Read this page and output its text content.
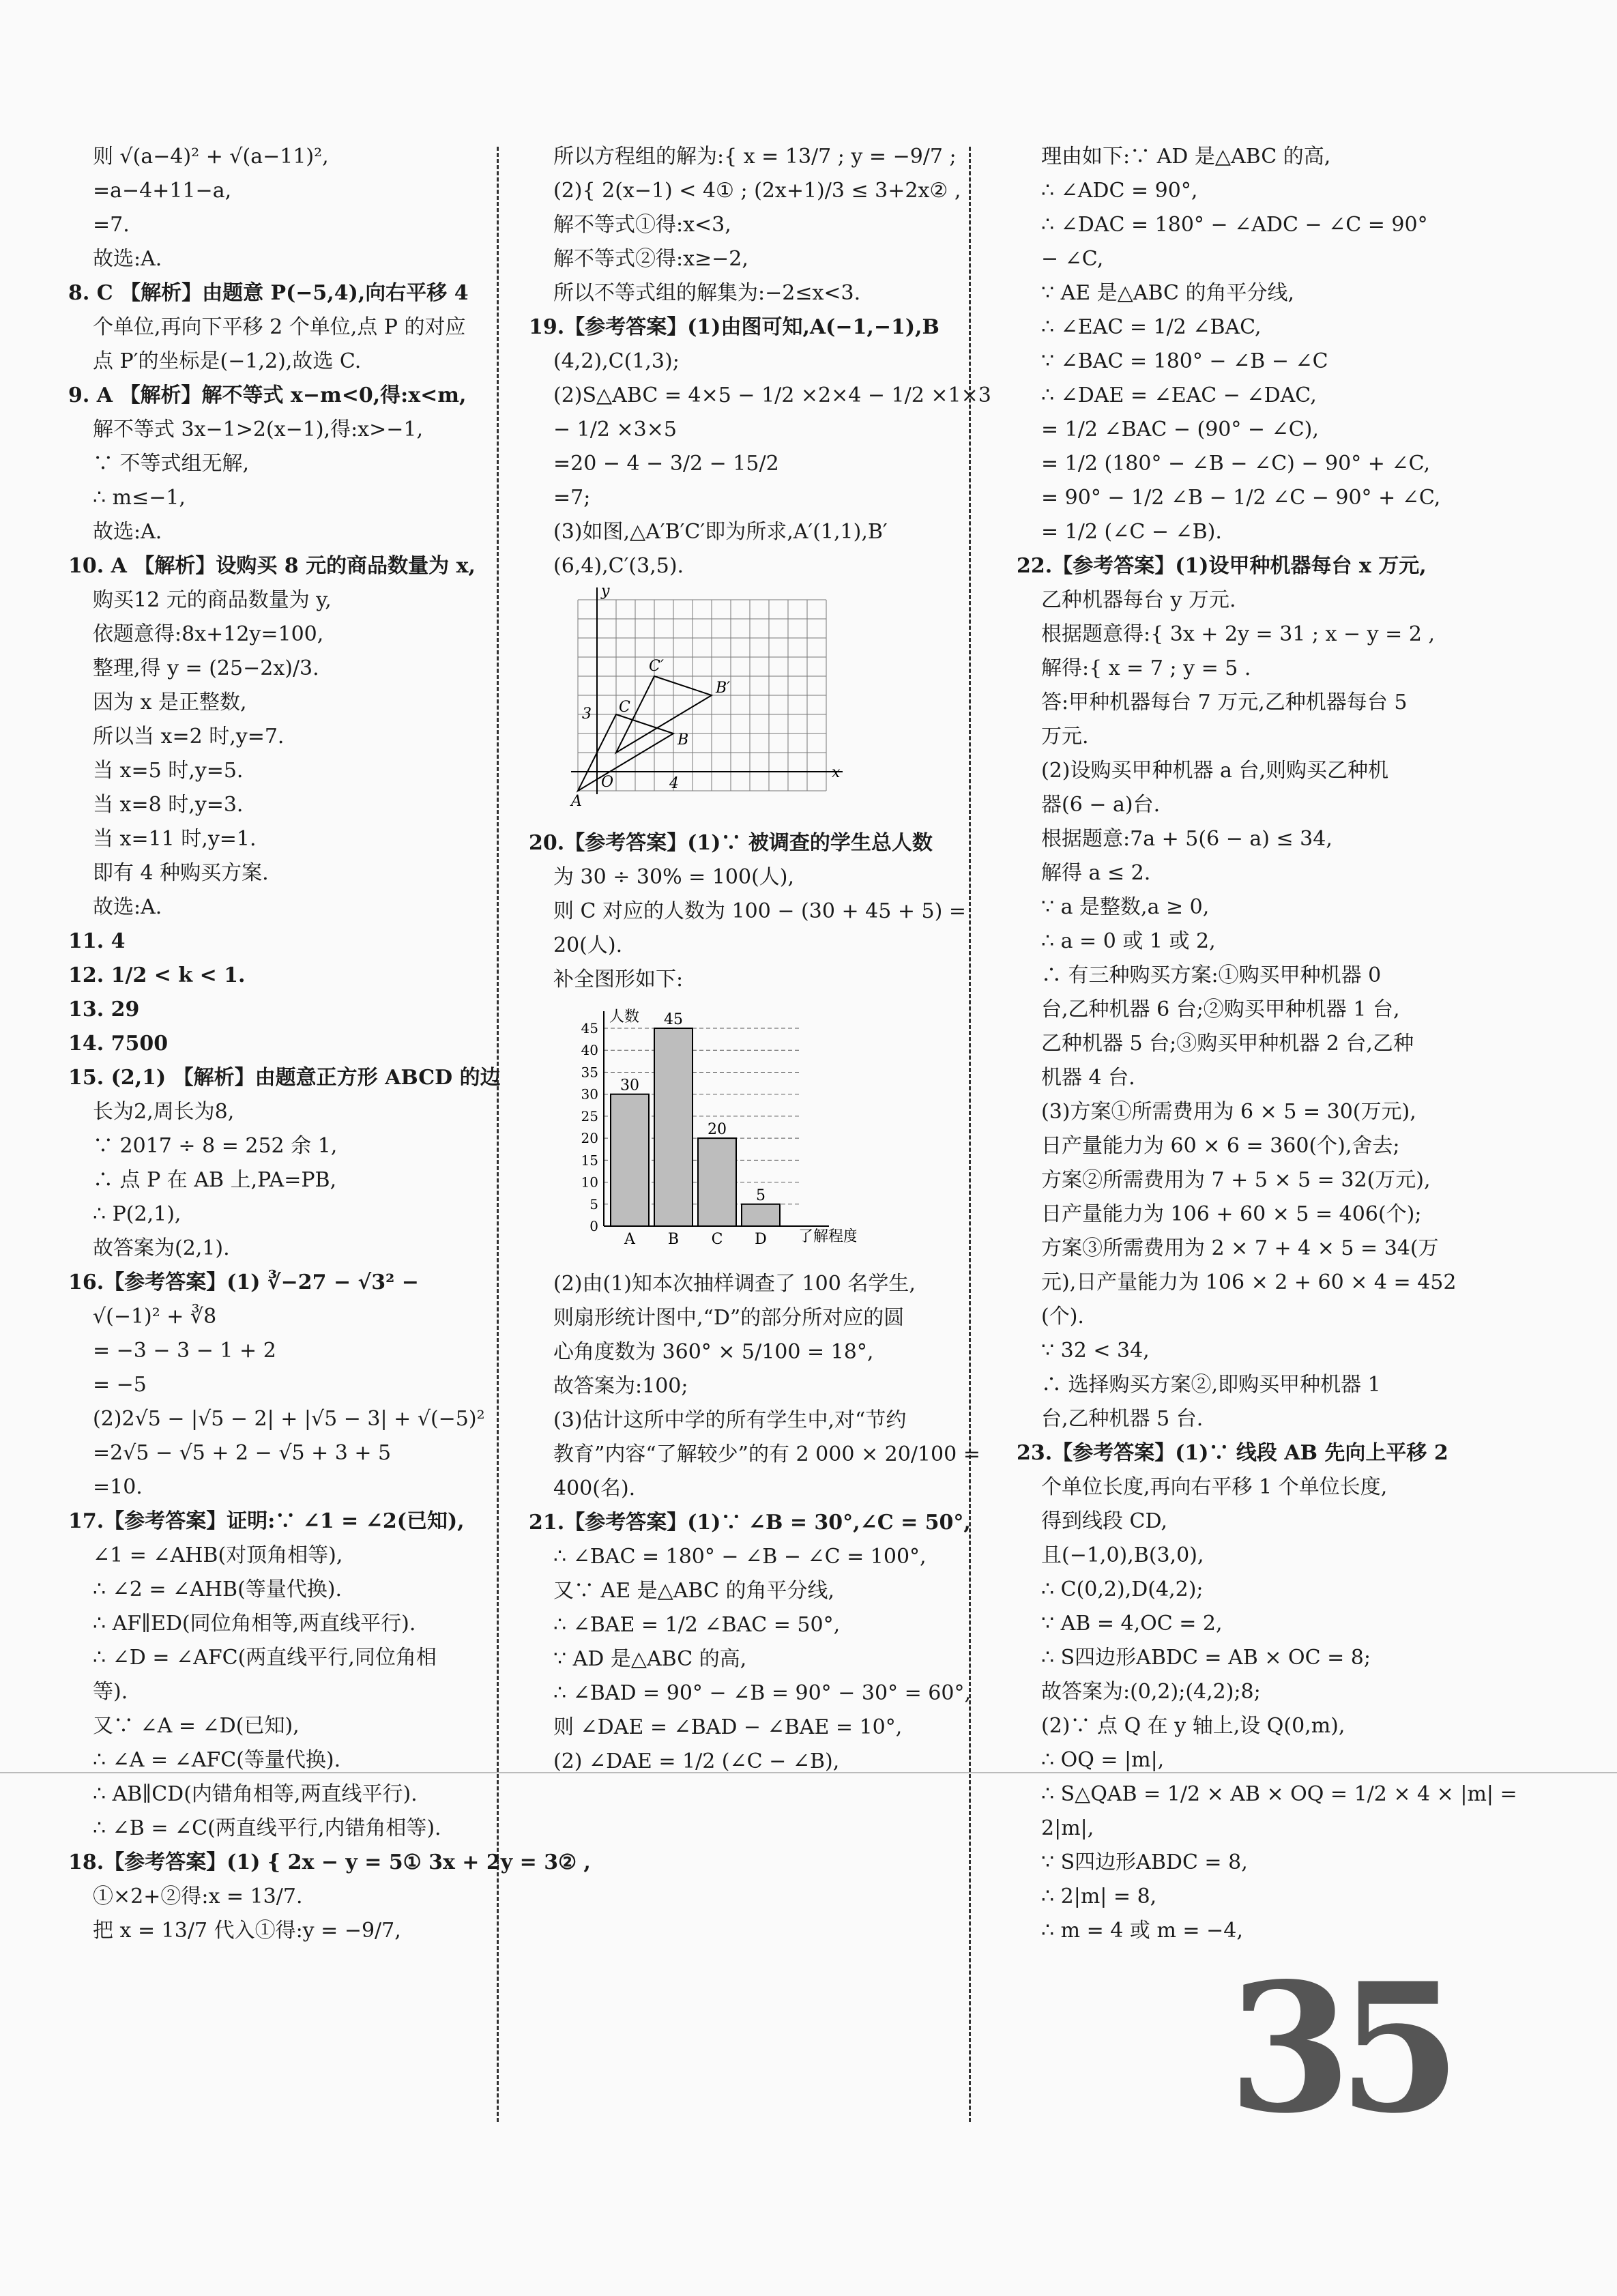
则 √(a−4)² + √(a−11)²,
=a−4+11−a,
=7.
故选:A.
8. C 【解析】由题意 P(−5,4),向右平移 4
个单位,再向下平移 2 个单位,点 P 的对应
点 P′的坐标是(−1,2),故选 C.
9. A 【解析】解不等式 x−m<0,得:x<m,
解不等式 3x−1>2(x−1),得:x>−1,
∵ 不等式组无解,
∴ m≤−1,
故选:A.
10. A 【解析】设购买 8 元的商品数量为 x,
购买12 元的商品数量为 y,
依题意得:8x+12y=100,
整理,得 y = (25−2x)/3.
因为 x 是正整数,
所以当 x=2 时,y=7.
当 x=5 时,y=5.
当 x=8 时,y=3.
当 x=11 时,y=1.
即有 4 种购买方案.
故选:A.
11. 4
12. 1/2 < k < 1.
13. 29
14. 7500
15. (2,1) 【解析】由题意正方形 ABCD 的边
长为2,周长为8,
∵ 2017 ÷ 8 = 252 余 1,
∴ 点 P 在 AB 上,PA=PB,
∴ P(2,1),
故答案为(2,1).
16.【参考答案】(1) ∛−27 − √3² −
√(−1)² + ∛8
= −3 − 3 − 1 + 2
= −5
(2)2√5 − |√5 − 2| + |√5 − 3| + √(−5)²
=2√5 − √5 + 2 − √5 + 3 + 5
=10.
17.【参考答案】证明:∵ ∠1 = ∠2(已知),
∠1 = ∠AHB(对顶角相等),
∴ ∠2 = ∠AHB(等量代换).
∴ AF∥ED(同位角相等,两直线平行).
∴ ∠D = ∠AFC(两直线平行,同位角相
等).
又∵ ∠A = ∠D(已知),
∴ ∠A = ∠AFC(等量代换).
∴ AB∥CD(内错角相等,两直线平行).
∴ ∠B = ∠C(两直线平行,内错角相等).
18.【参考答案】(1) { 2x − y = 5① 3x + 2y = 3② ,
①×2+②得:x = 13/7.
把 x = 13/7 代入①得:y = −9/7,
所以方程组的解为:{ x = 13/7 ; y = −9/7 ;
(2){ 2(x−1) < 4① ; (2x+1)/3 ≤ 3+2x② ,
解不等式①得:x<3,
解不等式②得:x≥−2,
所以不等式组的解集为:−2≤x<3.
19.【参考答案】(1)由图可知,A(−1,−1),B
(4,2),C(1,3);
(2)S△ABC = 4×5 − 1/2 ×2×4 − 1/2 ×1×3
− 1/2 ×3×5
=20 − 4 − 3/2 − 15/2
=7;
(3)如图,△A′B′C′即为所求,A′(1,1),B′
(6,4),C′(3,5).
y
x
C′
B′
C
B
A
O
3
4
20.【参考答案】(1)∵ 被调查的学生总人数
为 30 ÷ 30% = 100(人),
则 C 对应的人数为 100 − (30 + 45 + 5) =
20(人).
补全图形如下:
0
5
10
15
20
25
30
35
40
45
人数
了解程度
30
A
45
B
20
C
5
D
(2)由(1)知本次抽样调查了 100 名学生,
则扇形统计图中,“D”的部分所对应的圆
心角度数为 360° × 5/100 = 18°,
故答案为:100;
(3)估计这所中学的所有学生中,对“节约
教育”内容“了解较少”的有 2 000 × 20/100 =
400(名).
21.【参考答案】(1)∵ ∠B = 30°,∠C = 50°,
∴ ∠BAC = 180° − ∠B − ∠C = 100°,
又∵ AE 是△ABC 的角平分线,
∴ ∠BAE = 1/2 ∠BAC = 50°,
∵ AD 是△ABC 的高,
∴ ∠BAD = 90° − ∠B = 90° − 30° = 60°,
则 ∠DAE = ∠BAD − ∠BAE = 10°,
(2) ∠DAE = 1/2 (∠C − ∠B),
理由如下:∵ AD 是△ABC 的高,
∴ ∠ADC = 90°,
∴ ∠DAC = 180° − ∠ADC − ∠C = 90°
− ∠C,
∵ AE 是△ABC 的角平分线,
∴ ∠EAC = 1/2 ∠BAC,
∵ ∠BAC = 180° − ∠B − ∠C
∴ ∠DAE = ∠EAC − ∠DAC,
= 1/2 ∠BAC − (90° − ∠C),
= 1/2 (180° − ∠B − ∠C) − 90° + ∠C,
= 90° − 1/2 ∠B − 1/2 ∠C − 90° + ∠C,
= 1/2 (∠C − ∠B).
22.【参考答案】(1)设甲种机器每台 x 万元,
乙种机器每台 y 万元.
根据题意得:{ 3x + 2y = 31 ; x − y = 2 ,
解得:{ x = 7 ; y = 5 .
答:甲种机器每台 7 万元,乙种机器每台 5
万元.
(2)设购买甲种机器 a 台,则购买乙种机
器(6 − a)台.
根据题意:7a + 5(6 − a) ≤ 34,
解得 a ≤ 2.
∵ a 是整数,a ≥ 0,
∴ a = 0 或 1 或 2,
∴ 有三种购买方案:①购买甲种机器 0
台,乙种机器 6 台;②购买甲种机器 1 台,
乙种机器 5 台;③购买甲种机器 2 台,乙种
机器 4 台.
(3)方案①所需费用为 6 × 5 = 30(万元),
日产量能力为 60 × 6 = 360(个),舍去;
方案②所需费用为 7 + 5 × 5 = 32(万元),
日产量能力为 106 + 60 × 5 = 406(个);
方案③所需费用为 2 × 7 + 4 × 5 = 34(万
元),日产量能力为 106 × 2 + 60 × 4 = 452
(个).
∵ 32 < 34,
∴ 选择购买方案②,即购买甲种机器 1
台,乙种机器 5 台.
23.【参考答案】(1)∵ 线段 AB 先向上平移 2
个单位长度,再向右平移 1 个单位长度,
得到线段 CD,
且(−1,0),B(3,0),
∴ C(0,2),D(4,2);
∵ AB = 4,OC = 2,
∴ S四边形ABDC = AB × OC = 8;
故答案为:(0,2);(4,2);8;
(2)∵ 点 Q 在 y 轴上,设 Q(0,m),
∴ OQ = |m|,
∴ S△QAB = 1/2 × AB × OQ = 1/2 × 4 × |m| =
2|m|,
∵ S四边形ABDC = 8,
∴ 2|m| = 8,
∴ m = 4 或 m = −4,
35
